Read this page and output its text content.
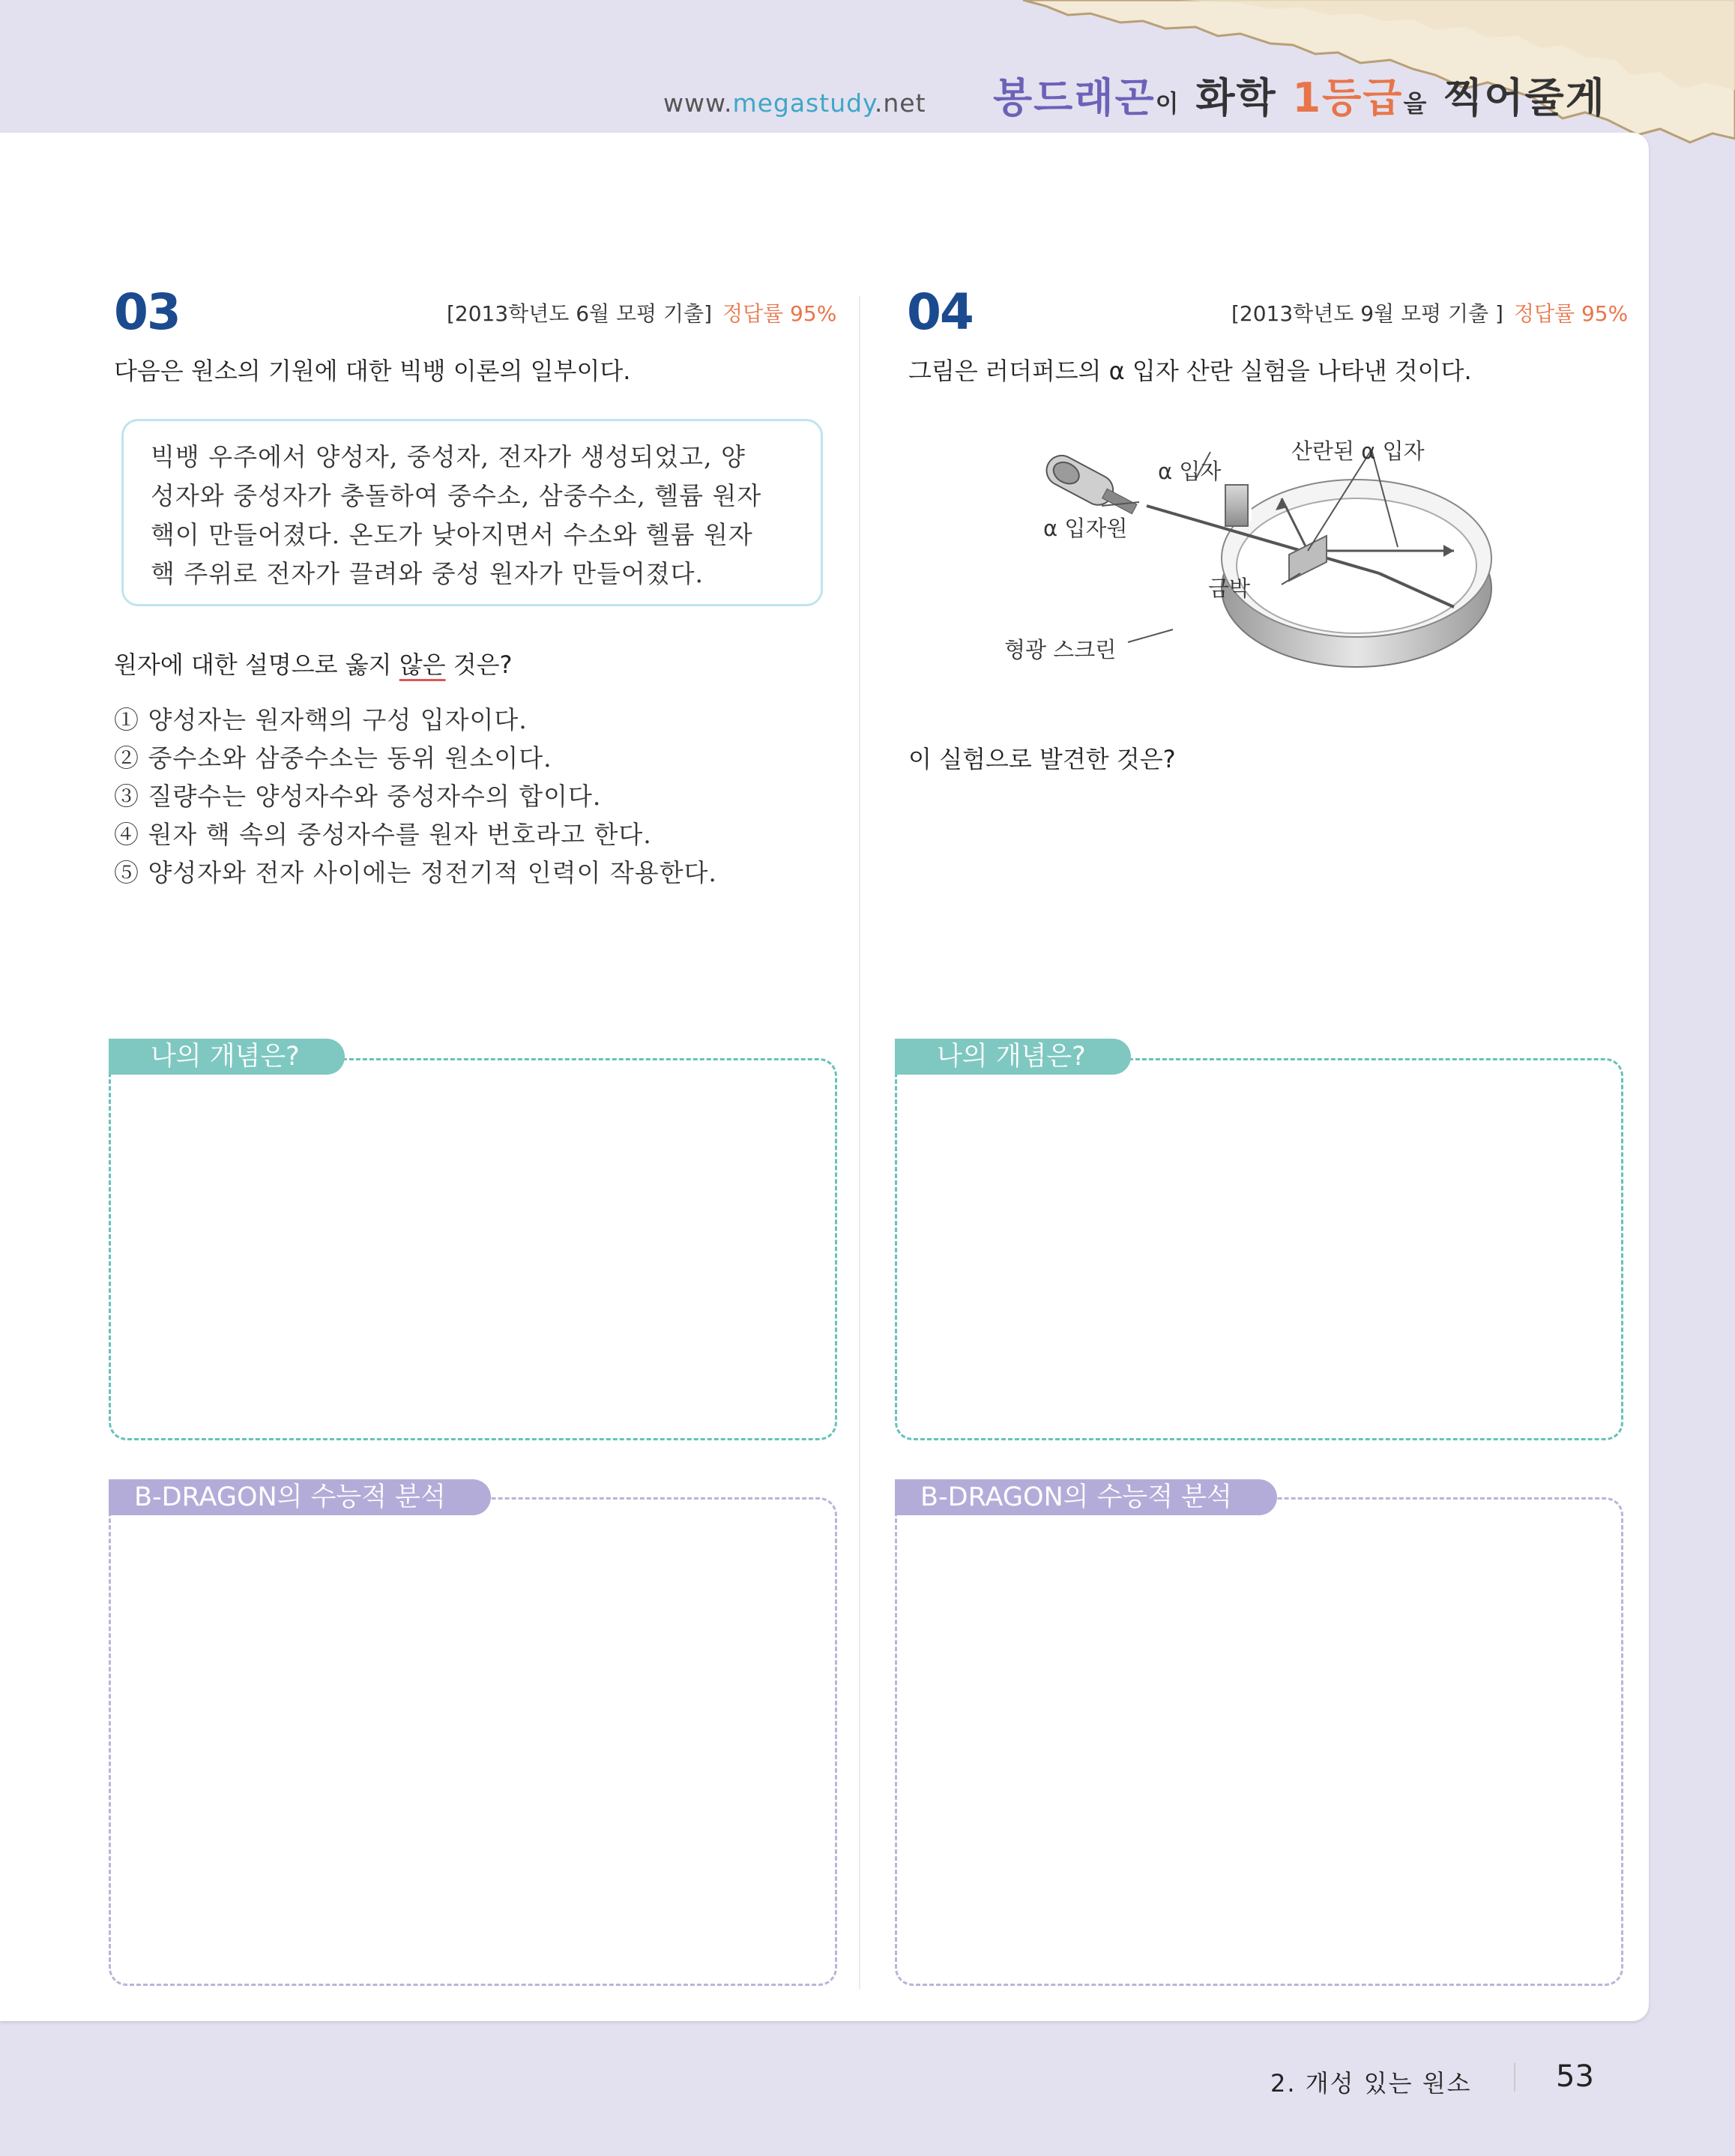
www.megastudy.net 봉드래곤이 화학 1등급을 찍어줄게
03	[2013학년도 6월 모평 기출] 정답률 95%
다음은 원소의 기원에 대한 빅뱅 이론의 일부이다.
빅뱅 우주에서 양성자, 중성자, 전자가 생성되었고, 양
성자와 중성자가 충돌하여 중수소, 삼중수소, 헬륨 원자
핵이 만들어졌다. 온도가 낮아지면서 수소와 헬륨 원자
핵 주위로 전자가 끌려와 중성 원자가 만들어졌다.
원자에 대한 설명으로 옳지 않은 것은?
① 양성자는 원자핵의 구성 입자이다.
② 중수소와 삼중수소는 동위 원소이다.
③ 질량수는 양성자수와 중성자수의 합이다.
④ 원자 핵 속의 중성자수를 원자 번호라고 한다.
⑤ 양성자와 전자 사이에는 정전기적 인력이 작용한다.
04	[2013학년도 9월 모평 기출 ] 정답률 95%
그림은 러더퍼드의 α 입자 산란 실험을 나타낸 것이다.
α 입자
산란된 α 입자
α 입자원
금박
형광 스크린
이 실험으로 발견한 것은?
나의 개념은?	나의 개념은?
B-DRAGON의 수능적 분석	B-DRAGON의 수능적 분석
2. 개성 있는 원소	53
